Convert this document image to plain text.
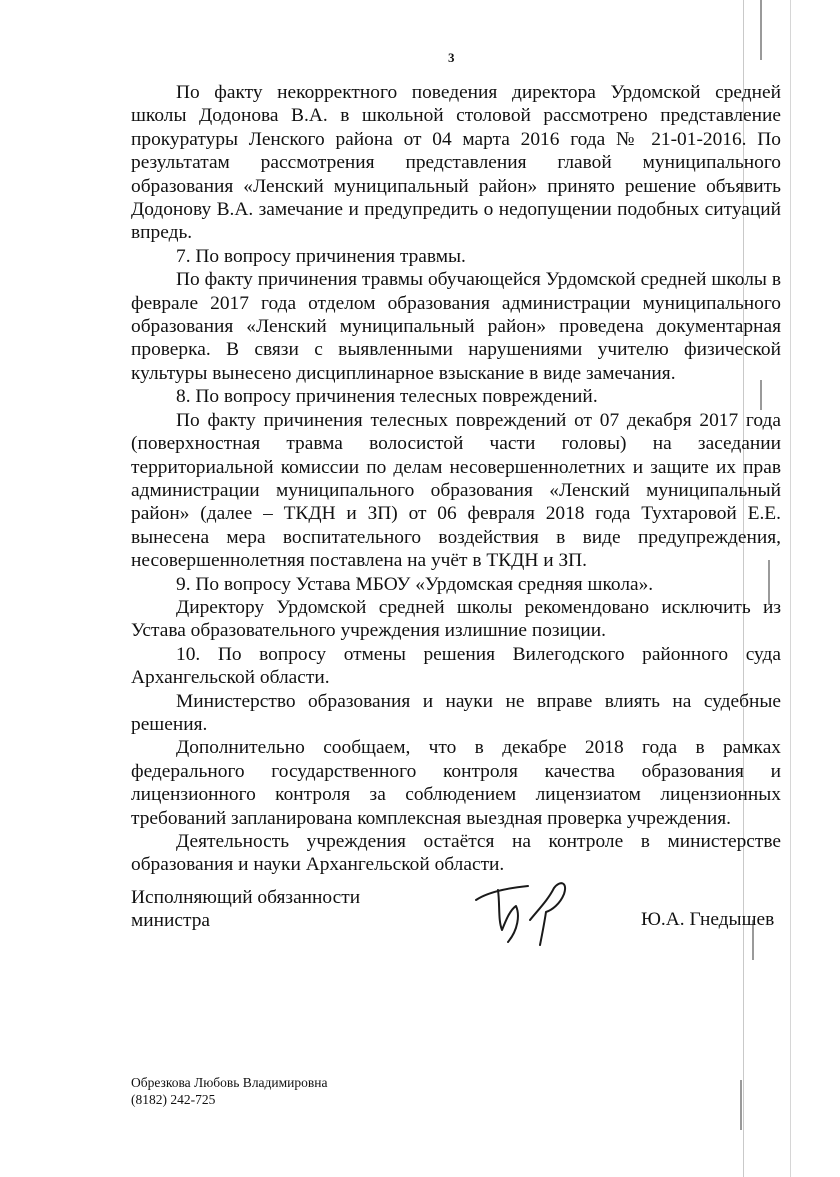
3

По факту некорректного поведения директора Урдомской средней школы Додонова В.А. в школьной столовой рассмотрено представление прокуратуры Ленского района от 04 марта 2016 года № 21-01-2016. По результатам рассмотрения представления главой муниципального образования «Ленский муниципальный район» принято решение объявить Додонову В.А. замечание и предупредить о недопущении подобных ситуаций впредь.

7. По вопросу причинения травмы.

По факту причинения травмы обучающейся Урдомской средней школы в феврале 2017 года отделом образования администрации муниципального образования «Ленский муниципальный район» проведена документарная проверка. В связи с выявленными нарушениями учителю физической культуры вынесено дисциплинарное взыскание в виде замечания.

8. По вопросу причинения телесных повреждений.

По факту причинения телесных повреждений от 07 декабря 2017 года (поверхностная травма волосистой части головы) на заседании территориальной комиссии по делам несовершеннолетних и защите их прав администрации муниципального образования «Ленский муниципальный район» (далее – ТКДН и ЗП) от 06 февраля 2018 года Тухтаровой Е.Е. вынесена мера воспитательного воздействия в виде предупреждения, несовершеннолетняя поставлена на учёт в ТКДН и ЗП.

9. По вопросу Устава МБОУ «Урдомская средняя школа».

Директору Урдомской средней школы рекомендовано исключить из Устава образовательного учреждения излишние позиции.

10. По вопросу отмены решения Вилегодского районного суда Архангельской области.

Министерство образования и науки не вправе влиять на судебные решения.

Дополнительно сообщаем, что в декабре 2018 года в рамках федерального государственного контроля качества образования и лицензионного контроля за соблюдением лицензиатом лицензионных требований запланирована комплексная выездная проверка учреждения.

Деятельность учреждения остаётся на контроле в министерстве образования и науки Архангельской области.

Исполняющий обязанности
министра	Ю.А. Гнедышев
Обрезкова Любовь Владимировна
(8182) 242-725
